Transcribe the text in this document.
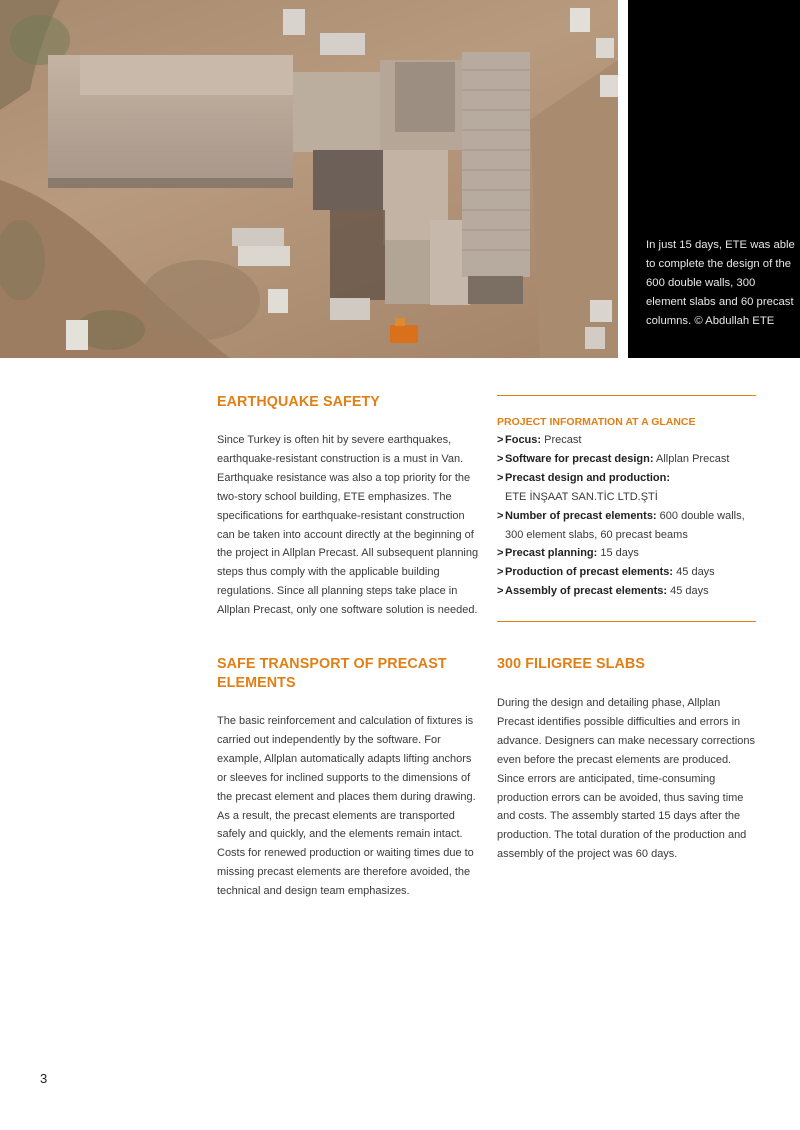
In just 15 days, ETE was able to complete the design of the 600 double walls, 300 element slabs and 60 precast columns. © Abdullah ETE

EARTHQUAKE SAFETY

Since Turkey is often hit by severe earthquakes, earthquake-resistant construction is a must in Van. Earthquake resistance was also a top priority for the two-story school building, ETE emphasizes. The specifications for earthquake-resistant construction can be taken into account directly at the beginning of the project in Allplan Precast. All subsequent planning steps thus comply with the applicable building regulations. Since all planning steps take place in Allplan Precast, only one software solution is needed.

SAFE TRANSPORT OF PRECAST ELEMENTS

The basic reinforcement and calculation of fixtures is carried out independently by the software. For example, Allplan automatically adapts lifting anchors or sleeves for inclined supports to the dimensions of the precast element and places them during drawing. As a result, the precast elements are transported safely and quickly, and the elements remain intact. Costs for renewed production or waiting times due to missing precast elements are therefore avoided, the technical and design team emphasizes.

PROJECT INFORMATION AT A GLANCE

> Focus: Precast
> Software for precast design: Allplan Precast
> Precast design and production:
ETE İNŞAAT SAN.TİC LTD.ŞTİ
> Number of precast elements: 600 double walls, 300 element slabs, 60 precast beams
> Precast planning: 15 days
> Production of precast elements: 45 days
> Assembly of precast elements: 45 days
300 FILIGREE SLABS

During the design and detailing phase, Allplan Precast identifies possible difficulties and errors in advance. Designers can make necessary corrections even before the precast elements are produced. Since errors are anticipated, time-consuming production errors can be avoided, thus saving time and costs. The assembly started 15 days after the production. The total duration of the production and assembly of the project was 60 days.

3
